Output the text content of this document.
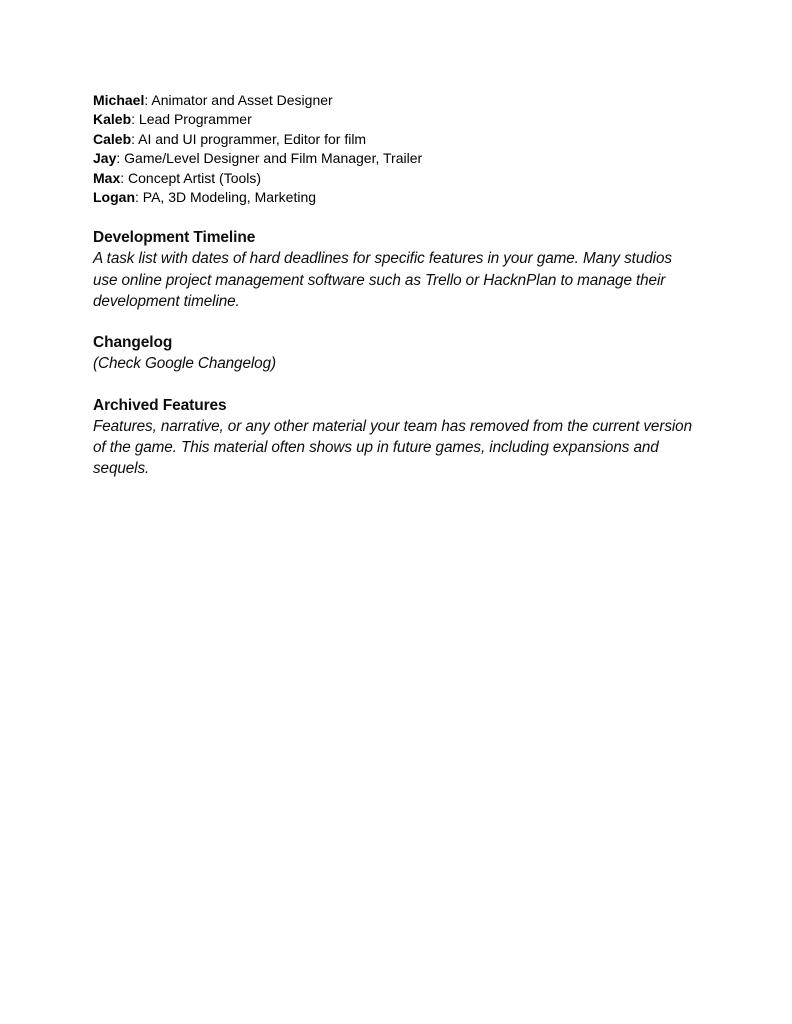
Michael: Animator and Asset Designer
Kaleb: Lead Programmer
Caleb: AI and UI programmer, Editor for film
Jay: Game/Level Designer and Film Manager, Trailer
Max: Concept Artist (Tools)
Logan: PA, 3D Modeling, Marketing
Development Timeline
A task list with dates of hard deadlines for specific features in your game. Many studios use online project management software such as Trello or HacknPlan to manage their development timeline.
Changelog
(Check Google Changelog)
Archived Features
Features, narrative, or any other material your team has removed from the current version of the game. This material often shows up in future games, including expansions and sequels.
